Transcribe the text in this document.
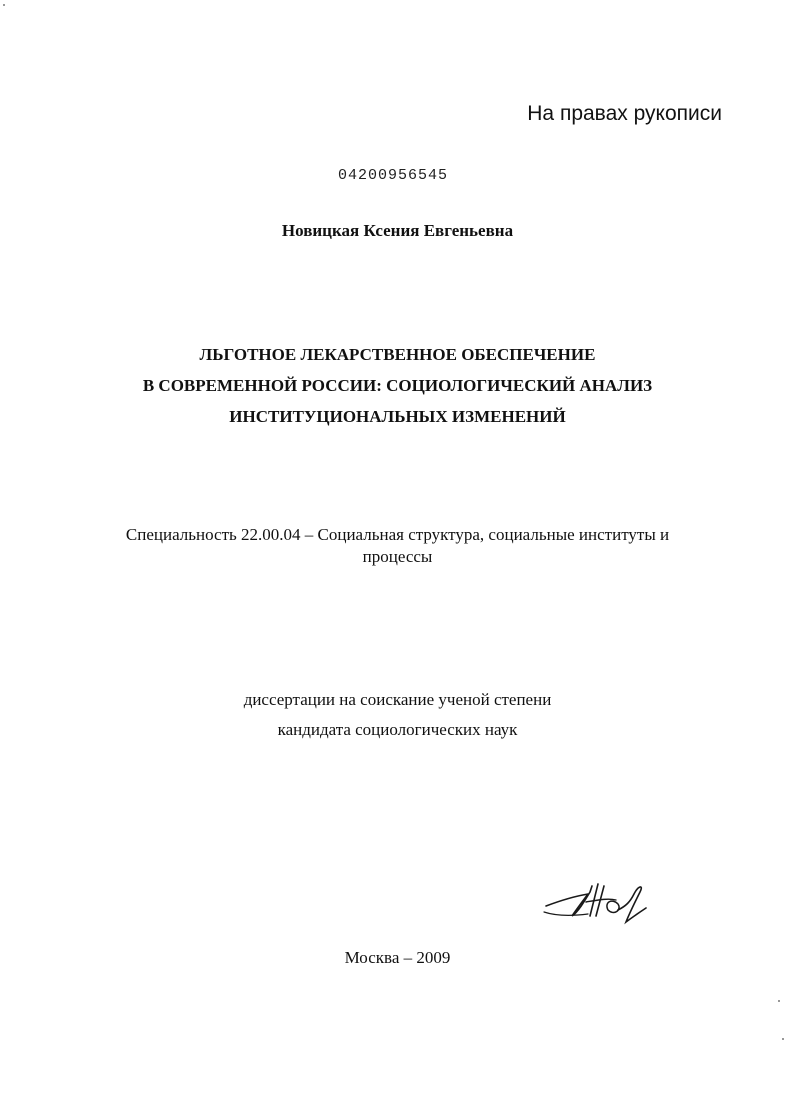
На правах рукописи
04200956545
Новицкая Ксения Евгеньевна
ЛЬГОТНОЕ ЛЕКАРСТВЕННОЕ ОБЕСПЕЧЕНИЕ
В СОВРЕМЕННОЙ РОССИИ: СОЦИОЛОГИЧЕСКИЙ АНАЛИЗ
ИНСТИТУЦИОНАЛЬНЫХ ИЗМЕНЕНИЙ
Специальность 22.00.04 – Социальная структура, социальные институты и
процессы
диссертации на соискание ученой степени
кандидата социологических наук
Москва – 2009
